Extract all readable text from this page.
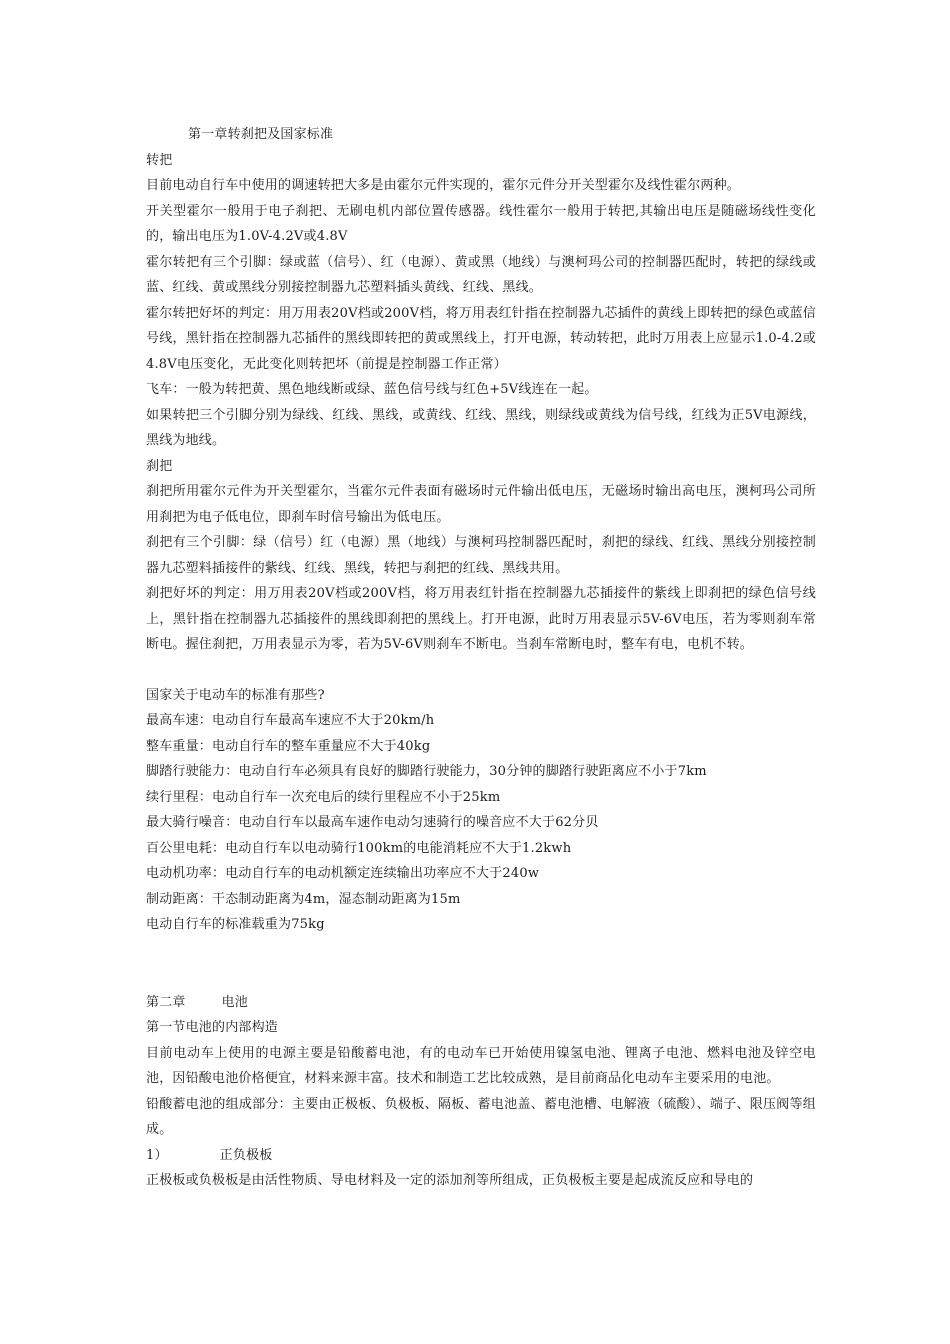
第一章转刹把及国家标准

转把

目前电动自行车中使用的调速转把大多是由霍尔元件实现的，霍尔元件分开关型霍尔及线性霍尔两种。

开关型霍尔一般用于电子刹把、无刷电机内部位置传感器。线性霍尔一般用于转把,其输出电压是随磁场线性变化的，输出电压为1.0V-4.2V或4.8V

霍尔转把有三个引脚：绿或蓝（信号）、红（电源）、黄或黑（地线）与澳柯玛公司的控制器匹配时，转把的绿线或蓝、红线、黄或黑线分别接控制器九芯塑料插头黄线、红线、黑线。

霍尔转把好坏的判定：用万用表20V档或200V档，将万用表红针指在控制器九芯插件的黄线上即转把的绿色或蓝信号线，黑针指在控制器九芯插件的黑线即转把的黄或黑线上，打开电源，转动转把，此时万用表上应显示1.0-4.2或4.8V电压变化，无此变化则转把坏（前提是控制器工作正常）

飞车：一般为转把黄、黑色地线断或绿、蓝色信号线与红色+5V线连在一起。

如果转把三个引脚分别为绿线、红线、黑线，或黄线、红线、黑线，则绿线或黄线为信号线，红线为正5V电源线，黑线为地线。

刹把

刹把所用霍尔元件为开关型霍尔，当霍尔元件表面有磁场时元件输出低电压，无磁场时输出高电压，澳柯玛公司所用刹把为电子低电位，即刹车时信号输出为低电压。

刹把有三个引脚：绿（信号）红（电源）黑（地线）与澳柯玛控制器匹配时，刹把的绿线、红线、黑线分别接控制器九芯塑料插接件的紫线、红线、黑线，转把与刹把的红线、黑线共用。

刹把好坏的判定：用万用表20V档或200V档，将万用表红针指在控制器九芯插接件的紫线上即刹把的绿色信号线上，黑针指在控制器九芯插接件的黑线即刹把的黑线上。打开电源，此时万用表显示5V-6V电压，若为零则刹车常断电。握住刹把，万用表显示为零，若为5V-6V则刹车不断电。当刹车常断电时，整车有电，电机不转。

国家关于电动车的标准有那些?

最高车速：电动自行车最高车速应不大于20km/h

整车重量：电动自行车的整车重量应不大于40kg

脚踏行驶能力：电动自行车必须具有良好的脚踏行驶能力，30分钟的脚踏行驶距离应不小于7km

续行里程：电动自行车一次充电后的续行里程应不小于25km

最大骑行噪音：电动自行车以最高车速作电动匀速骑行的噪音应不大于62分贝

百公里电耗：电动自行车以电动骑行100km的电能消耗应不大于1.2kwh

电动机功率：电动自行车的电动机额定连续输出功率应不大于240w

制动距离：干态制动距离为4m，湿态制动距离为15m

电动自行车的标准载重为75kg

第二章	电池

第一节电池的内部构造

目前电动车上使用的电源主要是铅酸蓄电池，有的电动车已开始使用镍氢电池、锂离子电池、燃料电池及锌空电池，因铅酸电池价格便宜，材料来源丰富。技术和制造工艺比较成熟，是目前商品化电动车主要采用的电池。

铅酸蓄电池的组成部分：主要由正极板、负极板、隔板、蓄电池盖、蓄电池槽、电解液（硫酸）、端子、限压阀等组成。

1）	正负极板

正极板或负极板是由活性物质、导电材料及一定的添加剂等所组成，正负极板主要是起成流反应和导电的
